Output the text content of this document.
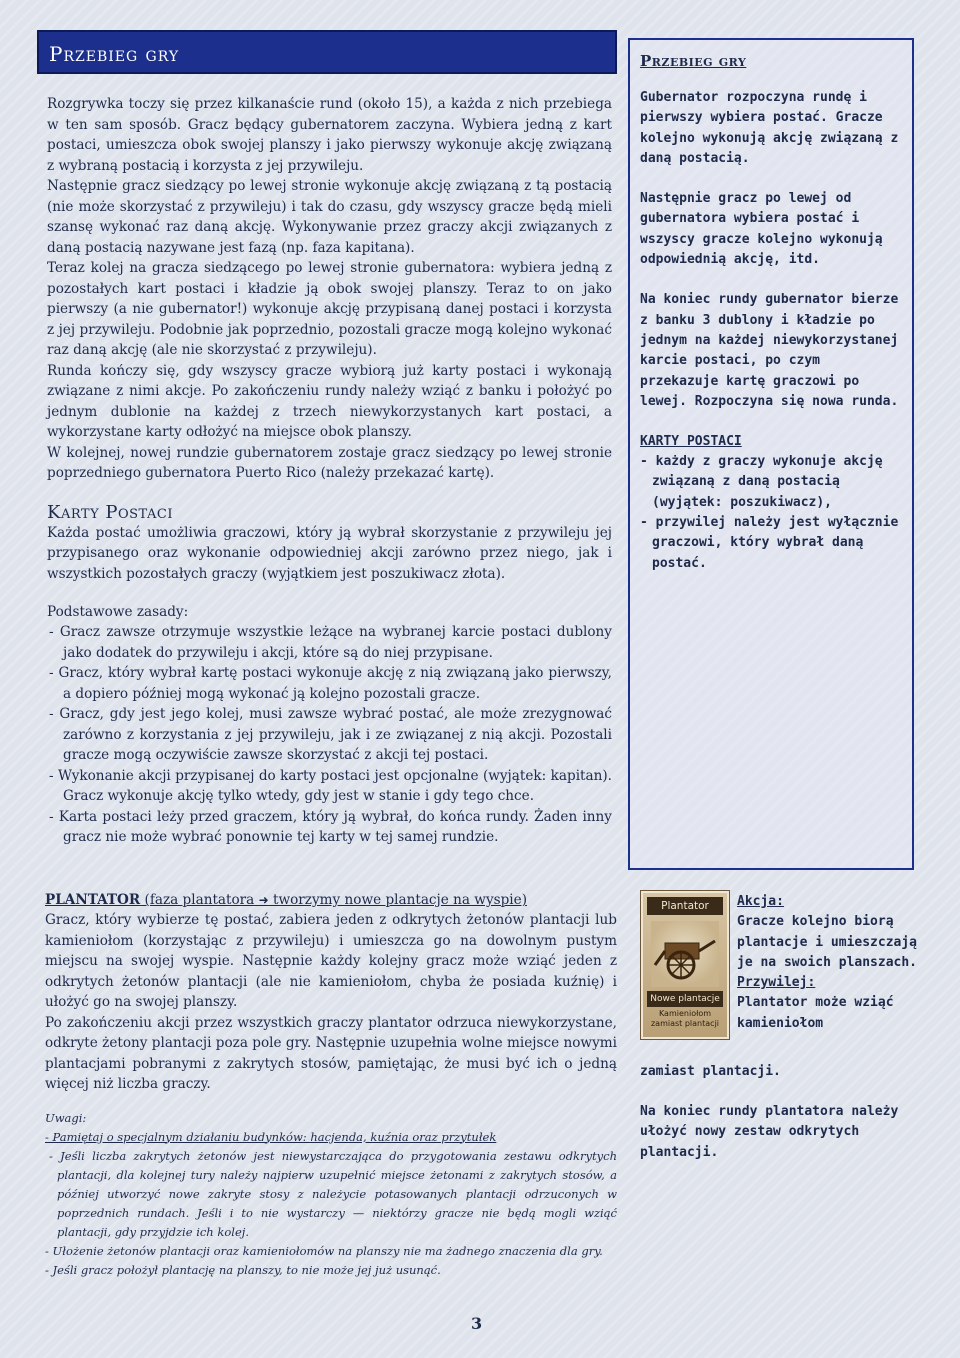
Przebieg gry

Rozgrywka toczy się przez kilkanaście rund (około 15), a każda z nich przebiega w ten sam sposób. Gracz będący gubernatorem zaczyna. Wybiera jedną z kart postaci, umieszcza obok swojej planszy i jako pierwszy wykonuje akcję związaną z wybraną postacią i korzysta z jej przywileju.

Następnie gracz siedzący po lewej stronie wykonuje akcję związaną z tą postacią (nie może skorzystać z przywileju) i tak do czasu, gdy wszyscy gracze będą mieli szansę wykonać raz daną akcję. Wykonywanie przez graczy akcji związanych z daną postacią nazywane jest fazą (np. faza kapitana).

Teraz kolej na gracza siedzącego po lewej stronie gubernatora: wybiera jedną z pozostałych kart postaci i kładzie ją obok swojej planszy. Teraz to on jako pierwszy (a nie gubernator!) wykonuje akcję przypisaną danej postaci i korzysta z jej przywileju. Podobnie jak poprzednio, pozostali gracze mogą kolejno wykonać raz daną akcję (ale nie skorzystać z przywileju).

Runda kończy się, gdy wszyscy gracze wybiorą już karty postaci i wykonają związane z nimi akcje. Po zakończeniu rundy należy wziąć z banku i położyć po jednym dublonie na każdej z trzech niewykorzystanych kart postaci, a wykorzystane karty odłożyć na miejsce obok planszy.

W kolejnej, nowej rundzie gubernatorem zostaje gracz siedzący po lewej stronie poprzedniego gubernatora Puerto Rico (należy przekazać kartę).

Karty Postaci

Każda postać umożliwia graczowi, który ją wybrał skorzystanie z przywileju jej przypisanego oraz wykonanie odpowiedniej akcji zarówno przez niego, jak i wszystkich pozostałych graczy (wyjątkiem jest poszukiwacz złota).

Podstawowe zasady:

- Gracz zawsze otrzymuje wszystkie leżące na wybranej karcie postaci dublony jako dodatek do przywileju i akcji, które są do niej przypisane.

- Gracz, który wybrał kartę postaci wykonuje akcję z nią związaną jako pierwszy, a dopiero później mogą wykonać ją kolejno pozostali gracze.

- Gracz, gdy jest jego kolej, musi zawsze wybrać postać, ale może zrezygnować zarówno z korzystania z jej przywileju, jak i ze związanej z nią akcji. Pozostali gracze mogą oczywiście zawsze skorzystać z akcji tej postaci.

- Wykonanie akcji przypisanej do karty postaci jest opcjonalne (wyjątek: kapitan). Gracz wykonuje akcję tylko wtedy, gdy jest w stanie i gdy tego chce.

- Karta postaci leży przed graczem, który ją wybrał, do końca rundy. Żaden inny gracz nie może wybrać ponownie tej karty w tej samej rundzie.

Przebieg gry

Gubernator rozpoczyna rundę i pierwszy wybiera postać. Gracze kolejno wykonują akcję związaną z daną postacią.

Następnie gracz po lewej od gubernatora wybiera postać i wszyscy gracze kolejno wykonują odpowiednią akcję, itd.

Na koniec rundy gubernator bierze z banku 3 dublony i kładzie po jednym na każdej niewykorzystanej karcie postaci, po czym przekazuje kartę graczowi po lewej. Rozpoczyna się nowa runda.

KARTY POSTACI

- każdy z graczy wykonuje akcję związaną z daną postacią (wyjątek: poszukiwacz),

- przywilej należy jest wyłącznie graczowi, który wybrał daną postać.

PLANTATOR (faza plantatora ➜ tworzymy nowe plantacje na wyspie)

Gracz, który wybierze tę postać, zabiera jeden z odkrytych żetonów plantacji lub kamieniołom (korzystając z przywileju) i umieszcza go na dowolnym pustym miejscu na swojej wyspie. Następnie każdy kolejny gracz może wziąć jeden z odkrytych żetonów plantacji (ale nie kamieniołom, chyba że posiada kuźnię) i ułożyć go na swojej planszy.

Po zakończeniu akcji przez wszystkich graczy plantator odrzuca niewykorzystane, odkryte żetony plantacji poza pole gry. Następnie uzupełnia wolne miejsce nowymi plantacjami pobranymi z zakrytych stosów, pamiętając, że musi być ich o jedną więcej niż liczba graczy.

Uwagi:

- Pamiętaj o specjalnym działaniu budynków: hacjenda, kuźnia oraz przytułek

- Jeśli liczba zakrytych żetonów jest niewystarczająca do przygotowania zestawu odkrytych plantacji, dla kolejnej tury należy najpierw uzupełnić miejsce żetonami z zakrytych stosów, a później utworzyć nowe zakryte stosy z należycie potasowanych plantacji odrzuconych w poprzednich rundach. Jeśli i to nie wystarczy — niektórzy gracze nie będą mogli wziąć plantacji, gdy przyjdzie ich kolej.

- Ułożenie żetonów plantacji oraz kamieniołomów na planszy nie ma żadnego znaczenia dla gry.

- Jeśli gracz położył plantację na planszy, to nie może jej już usunąć.

Plantator
Nowe plantacje
Kamieniołom zamiast plantacji
Akcja:
Gracze kolejno biorą plantacje i umieszczają je na swoich planszach.
Przywilej:
Plantator może wziąć kamieniołom
zamiast plantacji.
Na koniec rundy plantatora należy ułożyć nowy zestaw odkrytych plantacji.
3
